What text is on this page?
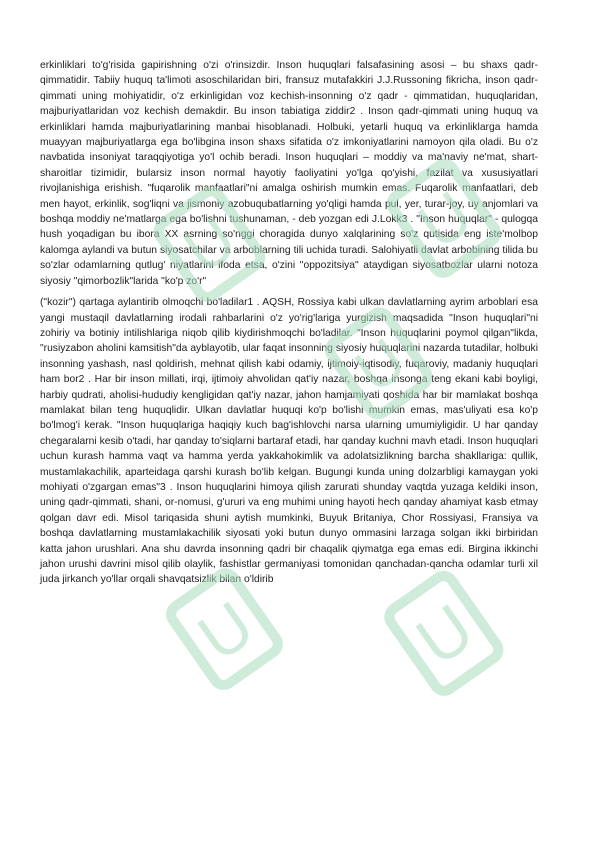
erkinliklari to'g'risida gapirishning o'zi o'rinsizdir. Inson huquqlari falsafasining asosi – bu shaxs qadr-qimmatidir. Tabiiy huquq ta'limoti asoschilaridan biri, fransuz mutafakkiri J.J.Russoning fikricha, inson qadr-qimmati uning mohiyatidir, o'z erkinligidan voz kechish-insonning o'z qadr - qimmatidan, huquqlaridan, majburiyatlaridan voz kechish demakdir. Bu inson tabiatiga ziddir2 . Inson qadr-qimmati uning huquq va erkinliklari hamda majburiyatlarining manbai hisoblanadi. Holbuki, yetarli huquq va erkinliklarga hamda muayyan majburiyatlarga ega bo'libgina inson shaxs sifatida o'z imkoniyatlarini namoyon qila oladi. Bu o'z navbatida insoniyat taraqqiyotiga yo'l ochib beradi. Inson huquqlari – moddiy va ma'naviy ne'mat, shart-sharoitlar tizimidir, bularsiz inson normal hayotiy faoliyatini yo'lga qo'yishi, fazilat va xususiyatlari rivojlanishiga erishish. "fuqarolik manfaatlari"ni amalga oshirish mumkin emas. Fuqarolik manfaatlari, deb men hayot, erkinlik, sog'liqni va jismoniy azobuqubatlarning yo'qligi hamda pul, yer, turar-joy, uy anjomlari va boshqa moddiy ne'matlarga ega bo'lishni tushunaman, - deb yozgan edi J.Lokk3 . "Inson huquqlar" - qulogqa hush yoqadigan bu ibora XX asrning so'nggi choragida dunyo xalqlarining so'z qutisida eng iste'molbop kalomga aylandi va butun siyosatchilar va arboblarning tili uchida turadi. Salohiyatli davlat arbobining tilida bu so'zlar odamlarning qutlug' niyatlarini ifoda etsa, o'zini "oppozitsiya" ataydigan siyosatbozlar ularni notoza siyosiy "qimorbozlik"larida "ko'p zo'r"

("kozir") qartaga aylantirib olmoqchi bo'ladilar1 . AQSH, Rossiya kabi ulkan davlatlarning ayrim arboblari esa yangi mustaqil davlatlarning irodali rahbarlarini o'z yo'rig'lariga yurgizish maqsadida "Inson huquqlari"ni zohiriy va botiniy intilishlariga niqob qilib kiydirishmoqchi bo'ladilar. "Inson huquqlarini poymol qilgan"likda, "rusiyzabon aholini kamsitish"da ayblayotib, ular faqat insonning siyosiy huquqlarini nazarda tutadilar, holbuki insonning yashash, nasl qoldirish, mehnat qilish kabi odamiy, ijtimoiy-iqtisodiy, fuqaroviy, madaniy huquqlari ham bor2 . Har bir inson millati, irqi, ijtimoiy ahvolidan qat'iy nazar, boshqa insonga teng ekani kabi boyligi, harbiy qudrati, aholisi-hududiy kengligidan qat'iy nazar, jahon hamjamiyati qoshida har bir mamlakat boshqa mamlakat bilan teng huquqlidir. Ulkan davlatlar huquqi ko'p bo'lishi mumkin emas, mas'uliyati esa ko'p bo'lmog'i kerak. "Inson huquqlariga haqiqiy kuch bag'ishlovchi narsa ularning umumiyligidir. U har qanday chegaralarni kesib o'tadi, har qanday to'siqlarni bartaraf etadi, har qanday kuchni mavh etadi. Inson huquqlari uchun kurash hamma vaqt va hamma yerda yakkahokimlik va adolatsizlikning barcha shakllariga: qullik, mustamlakachilik, aparteidaga qarshi kurash bo'lib kelgan. Bugungi kunda uning dolzarbligi kamaygan yoki mohiyati o'zgargan emas"3 . Inson huquqlarini himoya qilish zarurati shunday vaqtda yuzaga keldiki inson, uning qadr-qimmati, shani, or-nomusi, g'ururi va eng muhimi uning hayoti hech qanday ahamiyat kasb etmay qolgan davr edi. Misol tariqasida shuni aytish mumkinki, Buyuk Britaniya, Chor Rossiyasi, Fransiya va boshqa davlatlarning mustamlakachilik siyosati yoki butun dunyo ommasini larzaga solgan ikki birbiridan katta jahon urushlari. Ana shu davrda insonning qadri bir chaqalik qiymatga ega emas edi. Birgina ikkinchi jahon urushi davrini misol qilib olaylik, fashistlar germaniyasi tomonidan qanchadan-qancha odamlar turli xil juda jirkanch yo'llar orqali shavqatsizlik bilan o'ldirib

U U
U
U U
